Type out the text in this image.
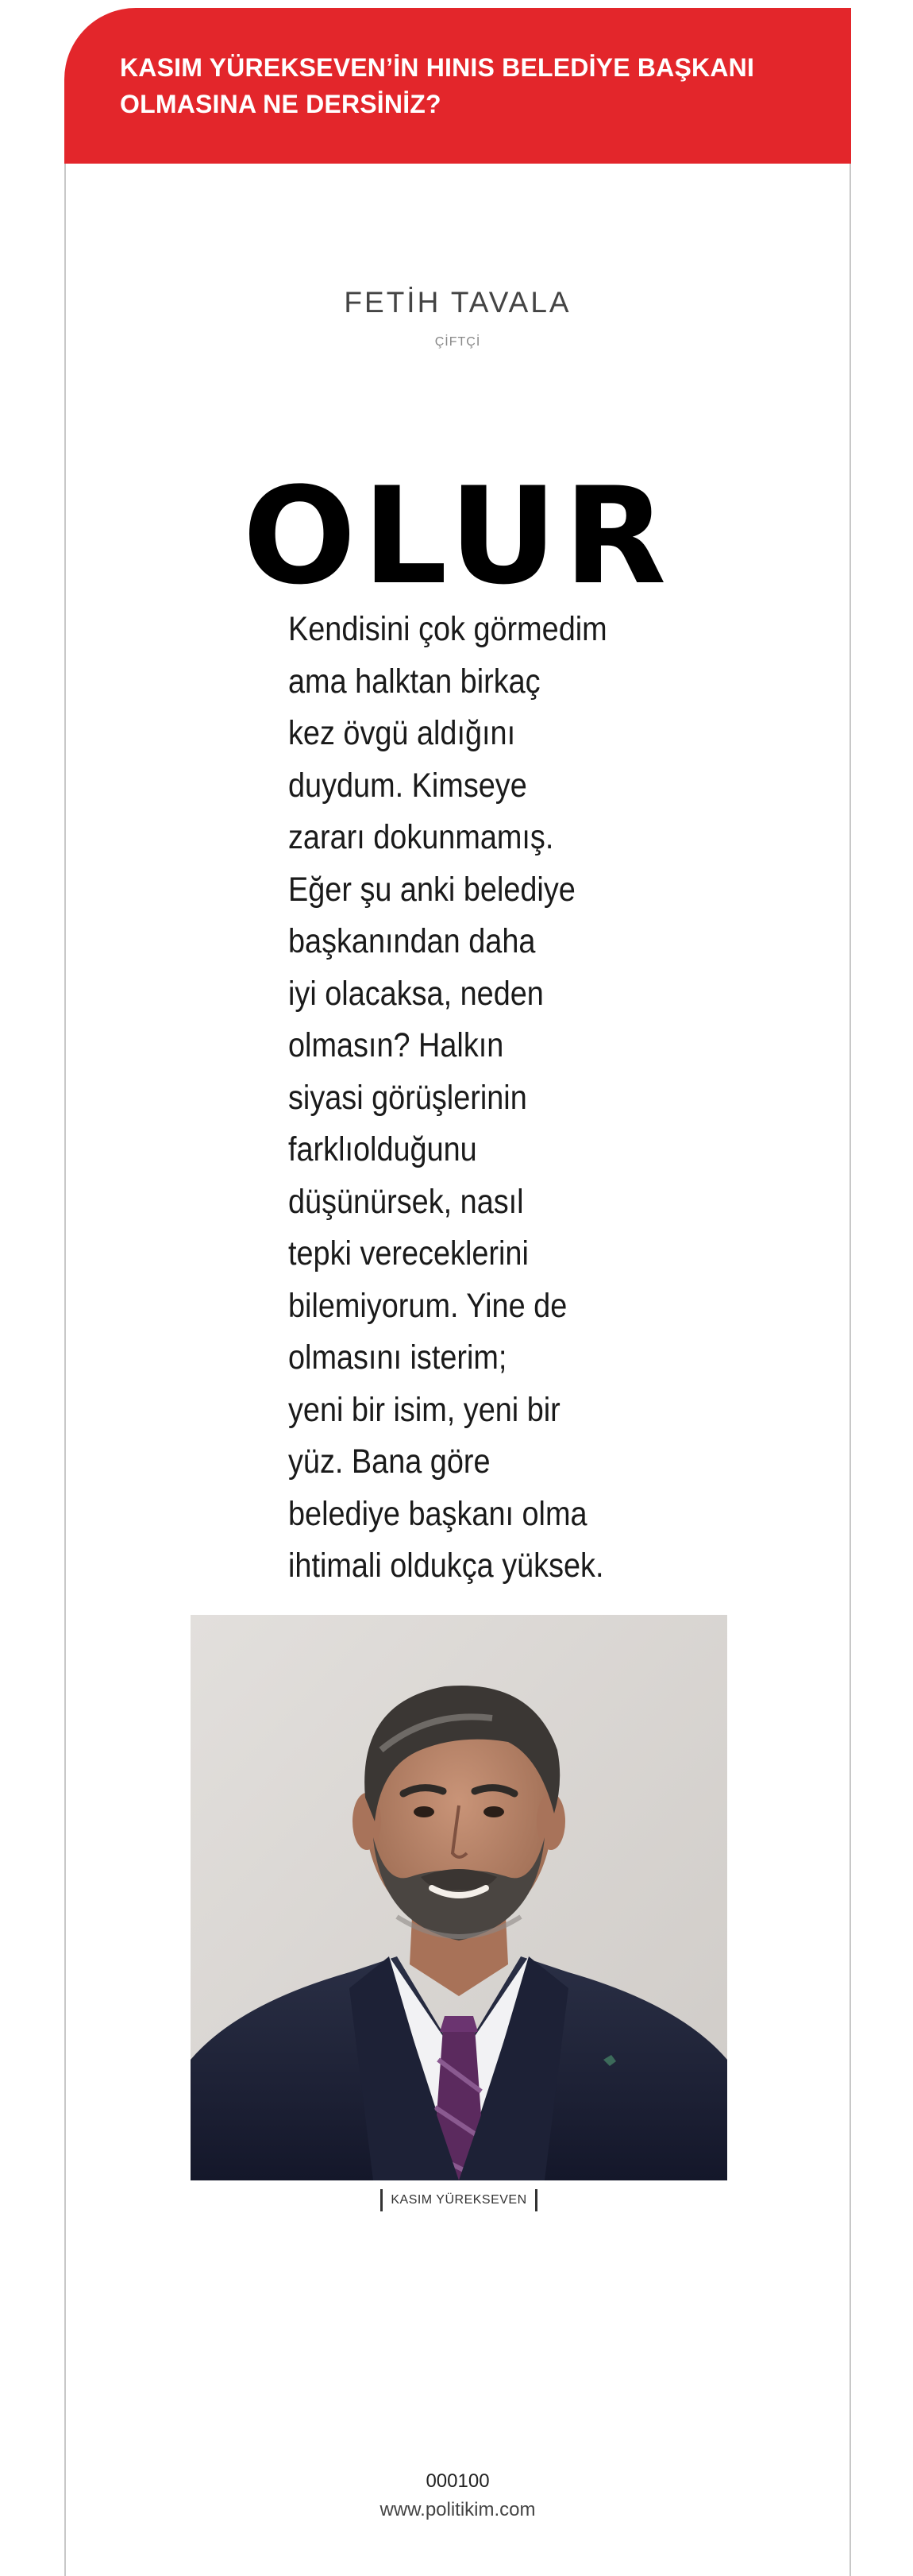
KASIM YÜREKSEVEN’İN HINIS BELEDİYE BAŞKANI
OLMASINA NE DERSİNİZ?
FETİH TAVALA
ÇİFTÇİ
OLUR
Kendisini çok görmedim
ama halktan birkaç
kez övgü aldığını
duydum. Kimseye
zararı dokunmamış.
Eğer şu anki belediye
başkanından daha
iyi olacaksa, neden
olmasın? Halkın
siyasi görüşlerinin
farklıolduğunu
düşünürsek, nasıl
tepki vereceklerini
bilemiyorum. Yine de
olmasını isterim;
yeni bir isim, yeni bir
yüz. Bana göre
belediye başkanı olma
ihtimali oldukça yüksek.
KASIM YÜREKSEVEN
000100
www.politikim.com
